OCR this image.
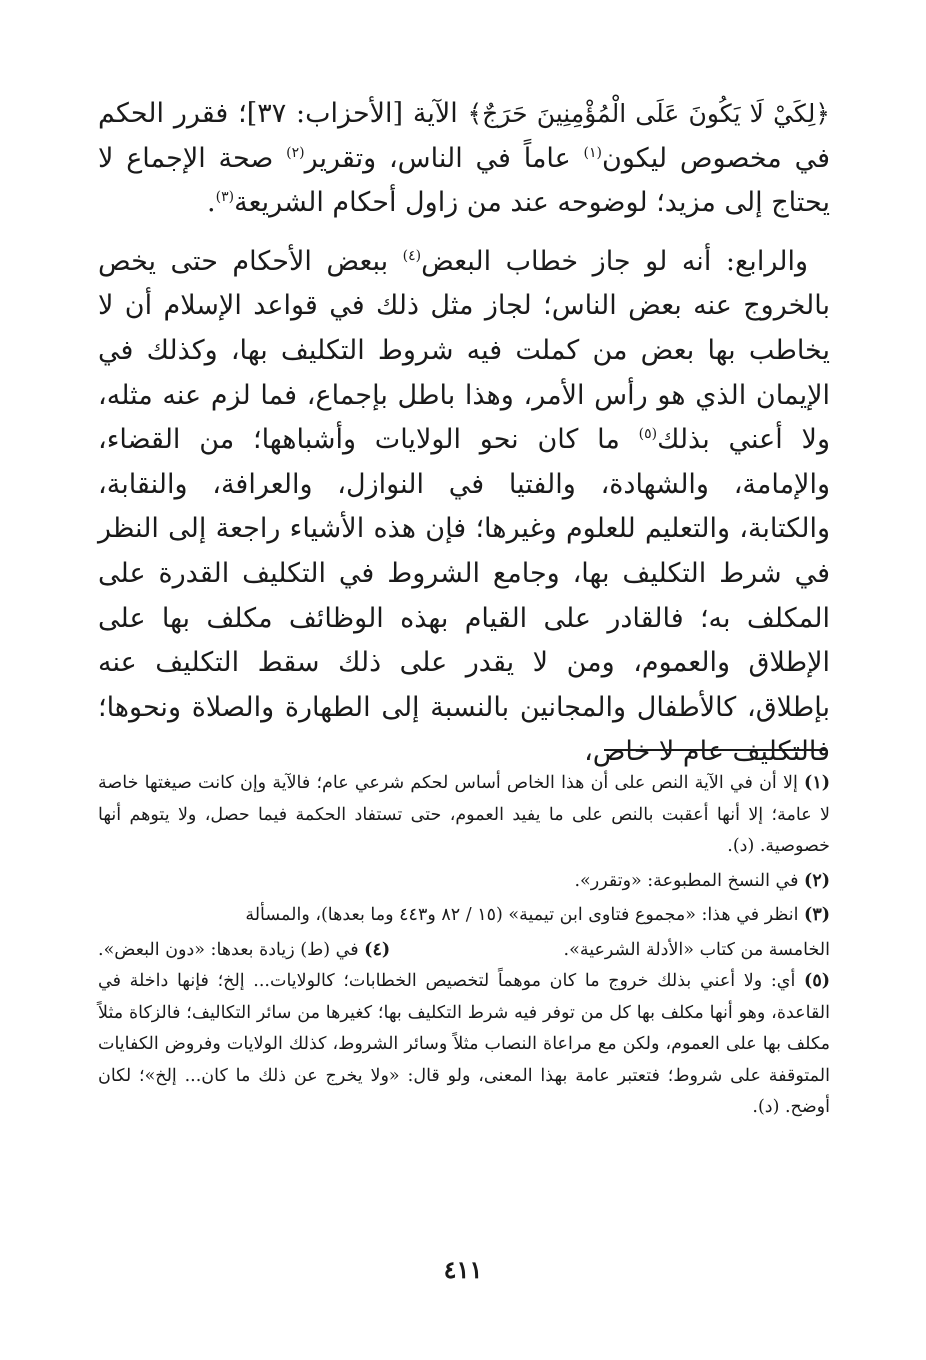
﴿لِكَيْ لَا يَكُونَ عَلَى الْمُؤْمِنِينَ حَرَجٌ﴾ الآية [الأحزاب: ٣٧]؛ فقرر الحكم في مخصوص ليكون$^{(١)}$ عاماً في الناس، وتقرير$^{(٢)}$ صحة الإجماع لا يحتاج إلى مزيد؛ لوضوحه عند من زاول أحكام الشريعة$^{(٣)}$.

والرابع: أنه لو جاز خطاب البعض$^{(٤)}$ ببعض الأحكام حتى يخص بالخروج عنه بعض الناس؛ لجاز مثل ذلك في قواعد الإسلام أن لا يخاطب بها بعض من كملت فيه شروط التكليف بها، وكذلك في الإيمان الذي هو رأس الأمر، وهذا باطل بإجماع، فما لزم عنه مثله، ولا أعني بذلك$^{(٥)}$ ما كان نحو الولايات وأشباهها؛ من القضاء، والإمامة، والشهادة، والفتيا في النوازل، والعرافة، والنقابة، والكتابة، والتعليم للعلوم وغيرها؛ فإن هذه الأشياء راجعة إلى النظر في شرط التكليف بها، وجامع الشروط في التكليف القدرة على المكلف به؛ فالقادر على القيام بهذه الوظائف مكلف بها على الإطلاق والعموم، ومن لا يقدر على ذلك سقط التكليف عنه بإطلاق، كالأطفال والمجانين بالنسبة إلى الطهارة والصلاة ونحوها؛ فالتكليف عام لا خاص،

(١) إلا أن في الآية النص على أن هذا الخاص أساس لحكم شرعي عام؛ فالآية وإن كانت صيغتها خاصة لا عامة؛ إلا أنها أعقبت بالنص على ما يفيد العموم، حتى تستفاد الحكمة فيما حصل، ولا يتوهم أنها خصوصية. (د).

(٢) في النسخ المطبوعة: «وتقرر».

(٣) انظر في هذا: «مجموع فتاوى ابن تيمية» (١٥ / ٨٢ و٤٤٣ وما بعدها)، والمسألة

الخامسة من كتاب «الأدلة الشرعية».
(٤) في (ط) زيادة بعدها: «دون البعض».

(٥) أي: ولا أعني بذلك خروج ما كان موهماً لتخصيص الخطابات؛ كالولايات... إلخ؛ فإنها داخلة في القاعدة، وهو أنها مكلف بها كل من توفر فيه شرط التكليف بها؛ كغيرها من سائر التكاليف؛ فالزكاة مثلاً مكلف بها على العموم، ولكن مع مراعاة النصاب مثلاً وسائر الشروط، كذلك الولايات وفروض الكفايات المتوقفة على شروط؛ فتعتبر عامة بهذا المعنى، ولو قال: «ولا يخرج عن ذلك ما كان... إلخ»؛ لكان أوضح. (د).

٤١١
